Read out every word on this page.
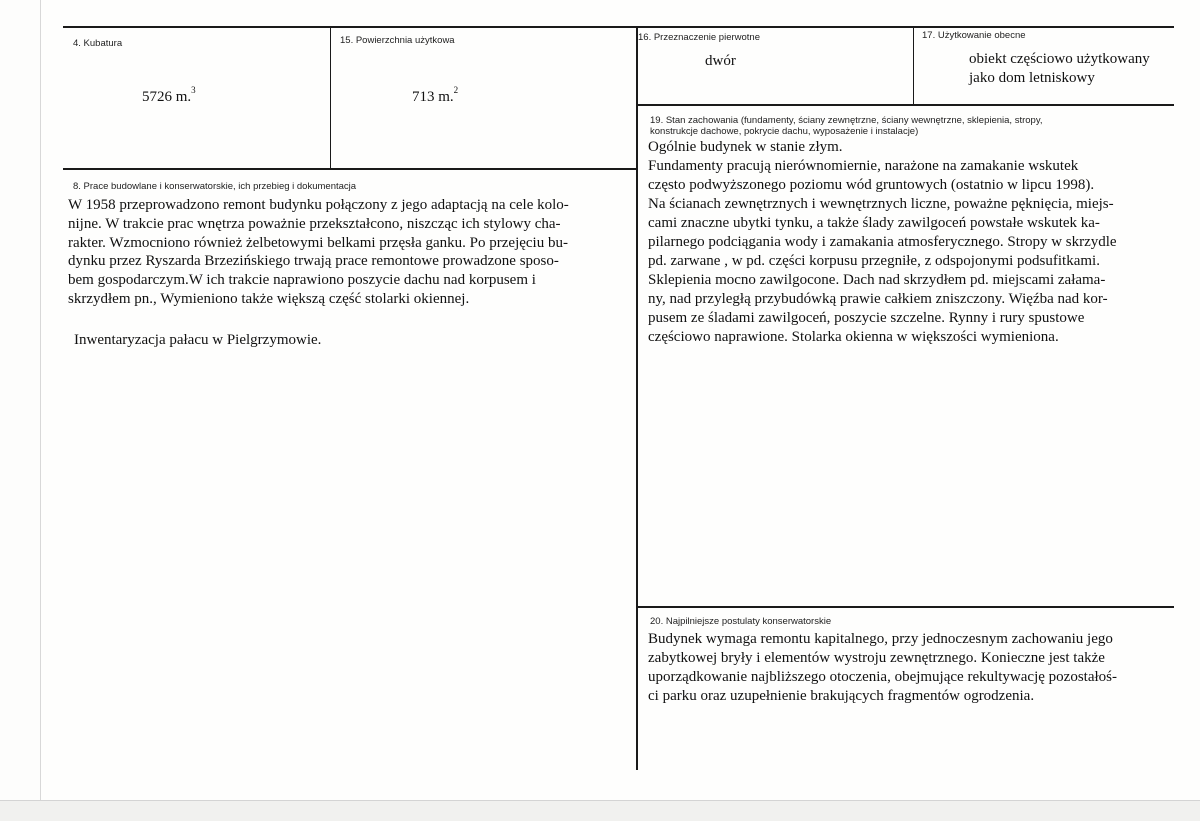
4. Kubatura
5726 m.$^3$
15. Powierzchnia użytkowa
713 m.$^2$
16. Przeznaczenie pierwotne
dwór
17. Użytkowanie obecne
obiekt częściowo użytkowany
jako dom letniskowy
8. Prace budowlane i konserwatorskie, ich przebieg i dokumentacja
W 1958 przeprowadzono remont budynku połączony z jego adaptacją na cele kolo-
nijne. W trakcie prac wnętrza poważnie przekształcono, niszcząc ich stylowy cha-
rakter. Wzmocniono również żelbetowymi belkami przęsła ganku. Po przejęciu bu-
dynku przez Ryszarda Brzezińskiego trwają prace remontowe prowadzone sposo-
bem gospodarczym.W ich trakcie naprawiono poszycie dachu nad korpusem i
skrzydłem pn., Wymieniono także większą część stolarki okiennej.
Inwentaryzacja pałacu w Pielgrzymowie.
19. Stan zachowania (fundamenty, ściany zewnętrzne, ściany wewnętrzne, sklepienia, stropy,
konstrukcje dachowe, pokrycie dachu, wyposażenie i instalacje)
Ogólnie budynek w stanie złym.
Fundamenty pracują nierównomiernie, narażone na zamakanie wskutek
często podwyższonego poziomu wód gruntowych (ostatnio w lipcu 1998).
Na ścianach zewnętrznych i wewnętrznych liczne, poważne pęknięcia, miejs-
cami znaczne ubytki tynku, a także ślady zawilgoceń powstałe wskutek ka-
pilarnego podciągania wody i zamakania atmosferycznego. Stropy w skrzydle
pd. zarwane , w pd. części korpusu przegniłe, z odspojonymi podsufitkami.
Sklepienia mocno zawilgocone. Dach nad skrzydłem pd. miejscami załama-
ny, nad przyległą przybudówką prawie całkiem zniszczony. Więźba nad kor-
pusem ze śladami zawilgoceń, poszycie szczelne. Rynny i rury spustowe
częściowo naprawione. Stolarka okienna w większości wymieniona.
20. Najpilniejsze postulaty konserwatorskie
Budynek wymaga remontu kapitalnego, przy jednoczesnym zachowaniu jego
zabytkowej bryły i elementów wystroju zewnętrznego. Konieczne jest także
uporządkowanie najbliższego otoczenia, obejmujące rekultywację pozostałoś-
ci parku oraz uzupełnienie brakujących fragmentów ogrodzenia.
